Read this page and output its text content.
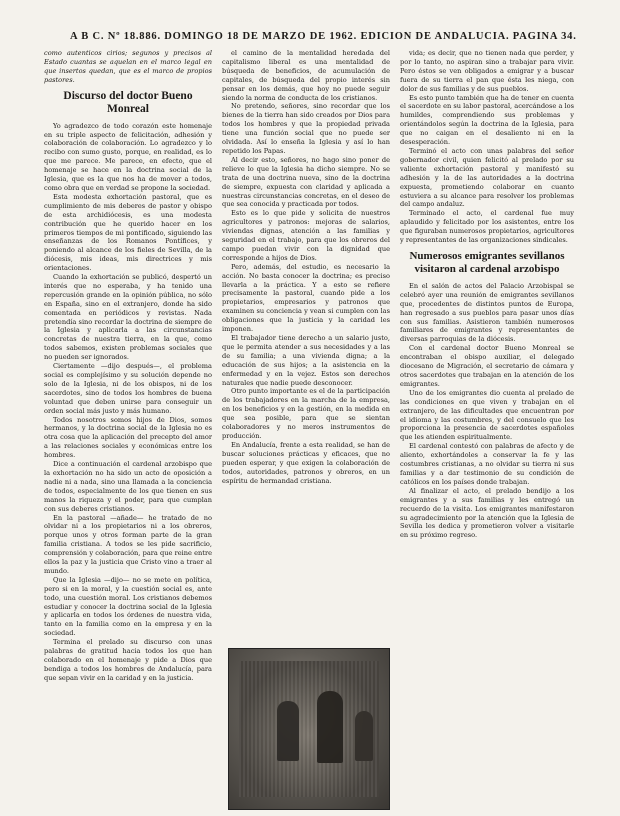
A B C. Nº 18.886. DOMINGO 18 DE MARZO DE 1962. EDICION DE ANDALUCIA. PAGINA 34.

como autenticos cirios; segunos y precisos al Estado cuantas se aquelan en el marco legal en que insertos quedan, que es el marco de propios pastores.

Discurso del doctor Bueno Monreal

Yo agradezco de todo corazón este homenaje en su triple aspecto de felicitación, adhesión y colaboración de colaboración. Lo agradezco y lo recibo con sumo gusto, porque, en realidad, es lo que me parece. Me parece, en efecto, que el homenaje se hace en la doctrina social de la Iglesia, que es la que nos ha de mover a todos, como obra que en verdad se propone la sociedad.

Esta modesta exhortación pastoral, que es cumplimiento de mis deberes de pastor y obispo de esta archidiócesis, es una modesta contribución que he querido hacer en los primeros tiempos de mi pontificado, siguiendo las enseñanzas de los Romanos Pontífices, y poniendo al alcance de los fieles de Sevilla, de la diócesis, mis ideas, mis directrices y mis orientaciones.

Cuando la exhortación se publicó, despertó un interés que no esperaba, y ha tenido una repercusión grande en la opinión pública, no sólo en España, sino en el extranjero, donde ha sido comentada en periódicos y revistas. Nada pretendía sino recordar la doctrina de siempre de la Iglesia y aplicarla a las circunstancias concretas de nuestra tierra, en la que, como todos sabemos, existen problemas sociales que no pueden ser ignorados.

Ciertamente —dijo después—, el problema social es complejísimo y su solución depende no solo de la Iglesia, ni de los obispos, ni de los sacerdotes, sino de todos los hombres de buena voluntad que deben unirse para conseguir un orden social más justo y más humano.

Todos nosotros somos hijos de Dios, somos hermanos, y la doctrina social de la Iglesia no es otra cosa que la aplicación del precepto del amor a las relaciones sociales y económicas entre los hombres.

Dice a continuación el cardenal arzobispo que la exhortación no ha sido un acto de oposición a nadie ni a nada, sino una llamada a la conciencia de todos, especialmente de los que tienen en sus manos la riqueza y el poder, para que cumplan con sus deberes cristianos.

En la pastoral —añade— he tratado de no olvidar ni a los propietarios ni a los obreros, porque unos y otros forman parte de la gran familia cristiana. A todos se les pide sacrificio, comprensión y colaboración, para que reine entre ellos la paz y la justicia que Cristo vino a traer al mundo.

Que la Iglesia —dijo— no se mete en política, pero si en la moral, y la cuestión social es, ante todo, una cuestión moral. Los cristianos debemos estudiar y conocer la doctrina social de la Iglesia y aplicarla en todos los órdenes de nuestra vida, tanto en la familia como en la empresa y en la sociedad.

Termina el prelado su discurso con unas palabras de gratitud hacia todos los que han colaborado en el homenaje y pide a Dios que bendiga a todos los hombres de Andalucía, para que sepan vivir en la caridad y en la justicia.

el camino de la mentalidad heredada del capitalismo liberal es una mentalidad de búsqueda de beneficios, de acumulación de capitales, de búsqueda del propio interés sin pensar en los demás, que hoy no puede seguir siendo la norma de conducta de los cristianos.

No pretendo, señores, sino recordar que los bienes de la tierra han sido creados por Dios para todos los hombres y que la propiedad privada tiene una función social que no puede ser olvidada. Así lo enseña la Iglesia y así lo han repetido los Papas.

Al decir esto, señores, no hago sino poner de relieve lo que la Iglesia ha dicho siempre. No se trata de una doctrina nueva, sino de la doctrina de siempre, expuesta con claridad y aplicada a nuestras circunstancias concretas, en el deseo de que sea conocida y practicada por todos.

Esto es lo que pide y solicita de nuestros agricultores y patronos: mejoras de salarios, viviendas dignas, atención a las familias y seguridad en el trabajo, para que los obreros del campo puedan vivir con la dignidad que corresponde a hijos de Dios.

Pero, además, del estudio, es necesario la acción. No basta conocer la doctrina; es preciso llevarla a la práctica. Y a esto se refiere precisamente la pastoral, cuando pide a los propietarios, empresarios y patronos que examinen su conciencia y vean si cumplen con las obligaciones que la justicia y la caridad les imponen.

El trabajador tiene derecho a un salario justo, que le permita atender a sus necesidades y a las de su familia; a una vivienda digna; a la educación de sus hijos; a la asistencia en la enfermedad y en la vejez. Estos son derechos naturales que nadie puede desconocer.

Otro punto importante es el de la participación de los trabajadores en la marcha de la empresa, en los beneficios y en la gestión, en la medida en que sea posible, para que se sientan colaboradores y no meros instrumentos de producción.

En Andalucía, frente a esta realidad, se han de buscar soluciones prácticas y eficaces, que no pueden esperar, y que exigen la colaboración de todos, autoridades, patronos y obreros, en un espíritu de hermandad cristiana.

vida; es decir, que no tienen nada que perder, y por lo tanto, no aspiran sino a trabajar para vivir. Pero éstos se ven obligados a emigrar y a buscar fuera de su tierra el pan que ésta les niega, con dolor de sus familias y de sus pueblos.

Es esto punto también que ha de tener en cuenta el sacerdote en su labor pastoral, acercándose a los humildes, comprendiendo sus problemas y orientándolos según la doctrina de la Iglesia, para que no caigan en el desaliento ni en la desesperación.

Terminó el acto con unas palabras del señor gobernador civil, quien felicitó al prelado por su valiente exhortación pastoral y manifestó su adhesión y la de las autoridades a la doctrina expuesta, prometiendo colaborar en cuanto estuviera a su alcance para resolver los problemas del campo andaluz.

Terminado el acto, el cardenal fue muy aplaudido y felicitado por los asistentes, entre los que figuraban numerosos propietarios, agricultores y representantes de las organizaciones sindicales.

Numerosos emigrantes sevillanos visitaron al cardenal arzobispo

En el salón de actos del Palacio Arzobispal se celebró ayer una reunión de emigrantes sevillanos que, procedentes de distintos puntos de Europa, han regresado a sus pueblos para pasar unos días con sus familias. Asistieron también numerosos familiares de emigrantes y representantes de diversas parroquias de la diócesis.

Con el cardenal doctor Bueno Monreal se encontraban el obispo auxiliar, el delegado diocesano de Migración, el secretario de cámara y otros sacerdotes que trabajan en la atención de los emigrantes.

Uno de los emigrantes dio cuenta al prelado de las condiciones en que viven y trabajan en el extranjero, de las dificultades que encuentran por el idioma y las costumbres, y del consuelo que les proporciona la presencia de sacerdotes españoles que les atienden espiritualmente.

El cardenal contestó con palabras de afecto y de aliento, exhortándoles a conservar la fe y las costumbres cristianas, a no olvidar su tierra ni sus familias y a dar testimonio de su condición de católicos en los países donde trabajan.

Al finalizar el acto, el prelado bendijo a los emigrantes y a sus familias y les entregó un recuerdo de la visita. Los emigrantes manifestaron su agradecimiento por la atención que la Iglesia de Sevilla les dedica y prometieron volver a visitarle en su próximo regreso.
